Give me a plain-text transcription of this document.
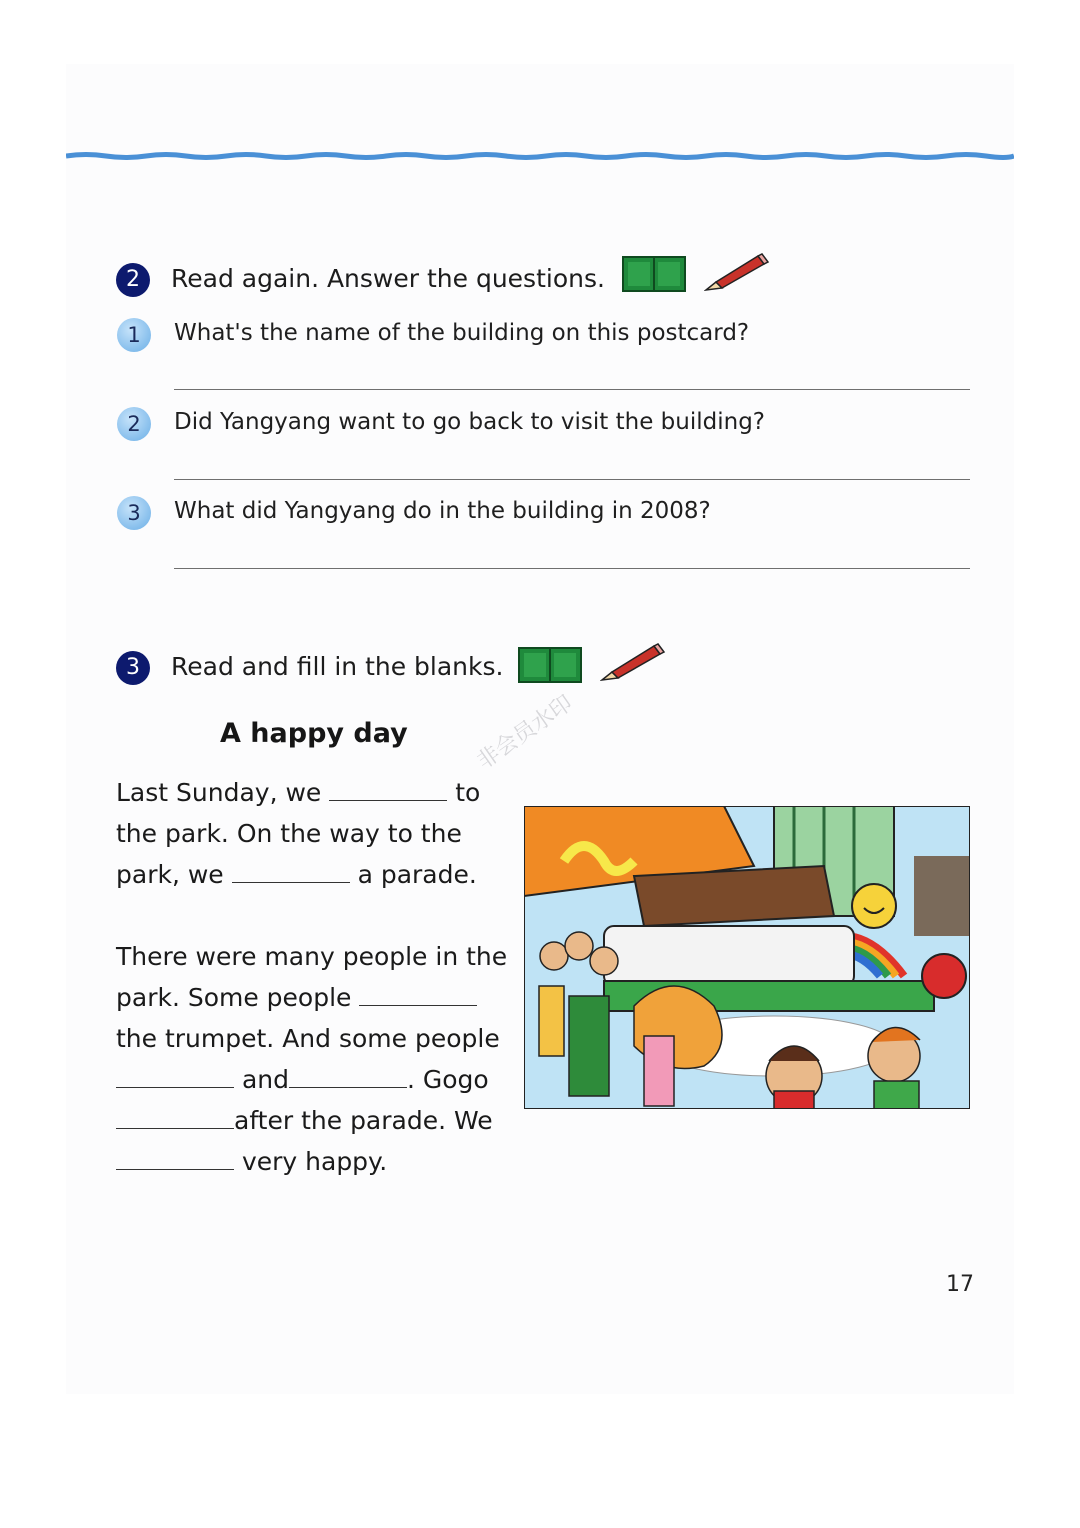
2	Read again. Answer the questions.
1	What's the name of the building on this postcard?
2	Did Yangyang want to go back to visit the building?
3	What did Yangyang do in the building in 2008?
3	Read and fill in the blanks.
A happy day
Last Sunday, we	to
the park. On the way to the
park, we	a parade.
There were many people in the
park. Some people
the trumpet. And some people
and	. Gogo
after the parade. We
very happy.
非会员水印
17
